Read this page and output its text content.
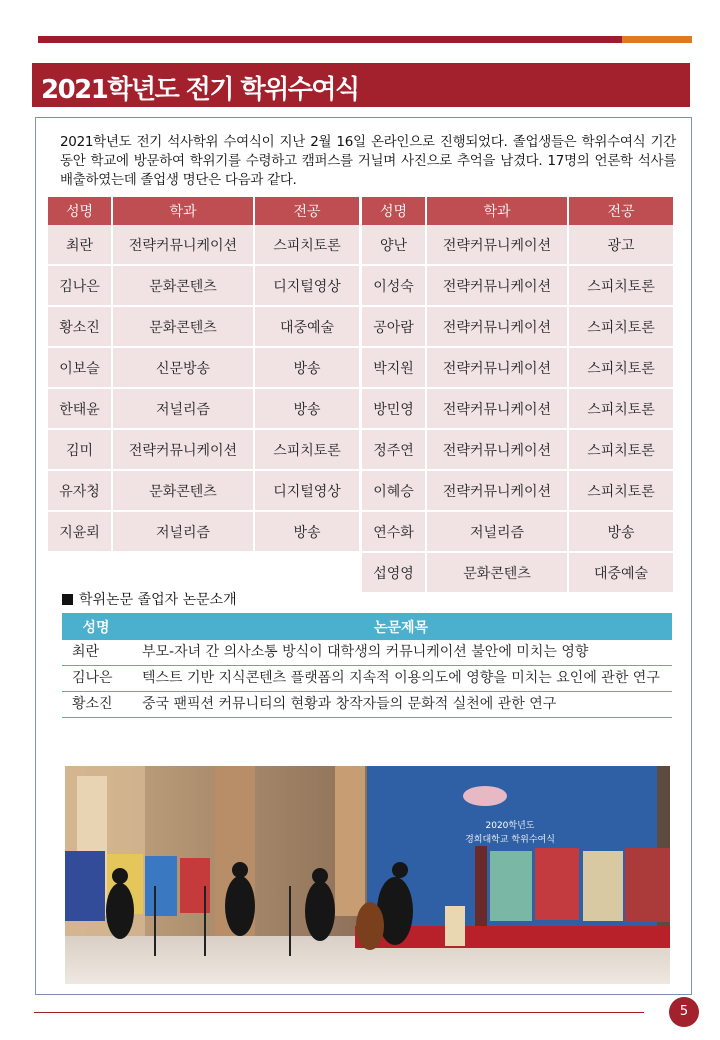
2021학년도 전기 학위수여식

2021학년도 전기 석사학위 수여식이 지난 2월 16일 온라인으로 진행되었다. 졸업생들은 학위수여식 기간 동안 학교에 방문하여 학위기를 수령하고 캠퍼스를 거닐며 사진으로 추억을 남겼다. 17명의 언론학 석사를 배출하였는데 졸업생 명단은 다음과 같다.

성명	학과	전공
최란	전략커뮤니케이션	스피치토론
김나은	문화콘텐츠	디지털영상
황소진	문화콘텐츠	대중예술
이보슬	신문방송	방송
한태윤	저널리즘	방송
김미	전략커뮤니케이션	스피치토론
유자청	문화콘텐츠	디지털영상
지윤뢰	저널리즘	방송
성명	학과	전공
양난	전략커뮤니케이션	광고
이성숙	전략커뮤니케이션	스피치토론
공아람	전략커뮤니케이션	스피치토론
박지원	전략커뮤니케이션	스피치토론
방민영	전략커뮤니케이션	스피치토론
정주연	전략커뮤니케이션	스피치토론
이혜승	전략커뮤니케이션	스피치토론
연수화	저널리즘	방송
섭영영	문화콘텐츠	대중예술
학위논문 졸업자 논문소개
성명	논문제목
최란	부모-자녀 간 의사소통 방식이 대학생의 커뮤니케이션 불안에 미치는 영향
김나은	텍스트 기반 지식콘텐츠 플랫폼의 지속적 이용의도에 영향을 미치는 요인에 관한 연구
황소진	중국 팬픽션 커뮤니티의 현황과 창작자들의 문화적 실천에 관한 연구
2020학년도
경희대학교 학위수여식
5
